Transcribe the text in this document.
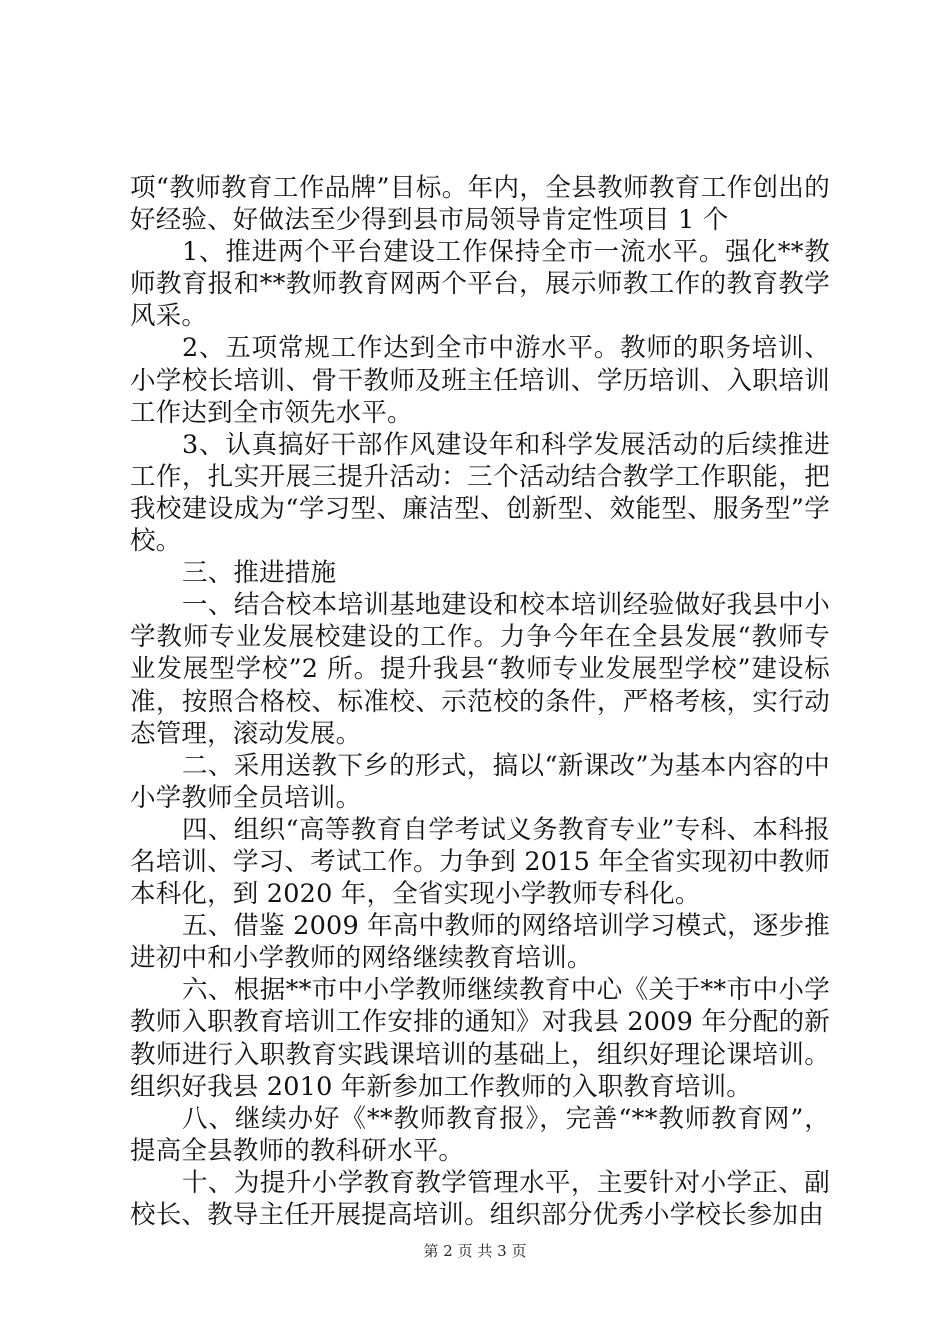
项“教师教育工作品牌”目标。年内，全县教师教育工作创出的好经验、好做法至少得到县市局领导肯定性项目 1 个

1、推进两个平台建设工作保持全市一流水平。强化**教师教育报和**教师教育网两个平台，展示师教工作的教育教学风采。

2、五项常规工作达到全市中游水平。教师的职务培训、小学校长培训、骨干教师及班主任培训、学历培训、入职培训工作达到全市领先水平。

3、认真搞好干部作风建设年和科学发展活动的后续推进工作，扎实开展三提升活动：三个活动结合教学工作职能，把我校建设成为“学习型、廉洁型、创新型、效能型、服务型”学校。

三、推进措施

一、结合校本培训基地建设和校本培训经验做好我县中小学教师专业发展校建设的工作。力争今年在全县发展“教师专业发展型学校”2 所。提升我县“教师专业发展型学校”建设标准，按照合格校、标准校、示范校的条件，严格考核，实行动态管理，滚动发展。

二、采用送教下乡的形式，搞以“新课改”为基本内容的中小学教师全员培训。

四、组织“高等教育自学考试义务教育专业”专科、本科报名培训、学习、考试工作。力争到 2015 年全省实现初中教师本科化，到 2020 年，全省实现小学教师专科化。

五、借鉴 2009 年高中教师的网络培训学习模式，逐步推进初中和小学教师的网络继续教育培训。

六、根据**市中小学教师继续教育中心《关于**市中小学教师入职教育培训工作安排的通知》对我县 2009 年分配的新教师进行入职教育实践课培训的基础上，组织好理论课培训。组织好我县 2010 年新参加工作教师的入职教育培训。

八、继续办好《**教师教育报》，完善“**教师教育网”，提高全县教师的教科研水平。

十、为提升小学教育教学管理水平，主要针对小学正、副校长、教导主任开展提高培训。组织部分优秀小学校长参加由

第 2 页 共 3 页
